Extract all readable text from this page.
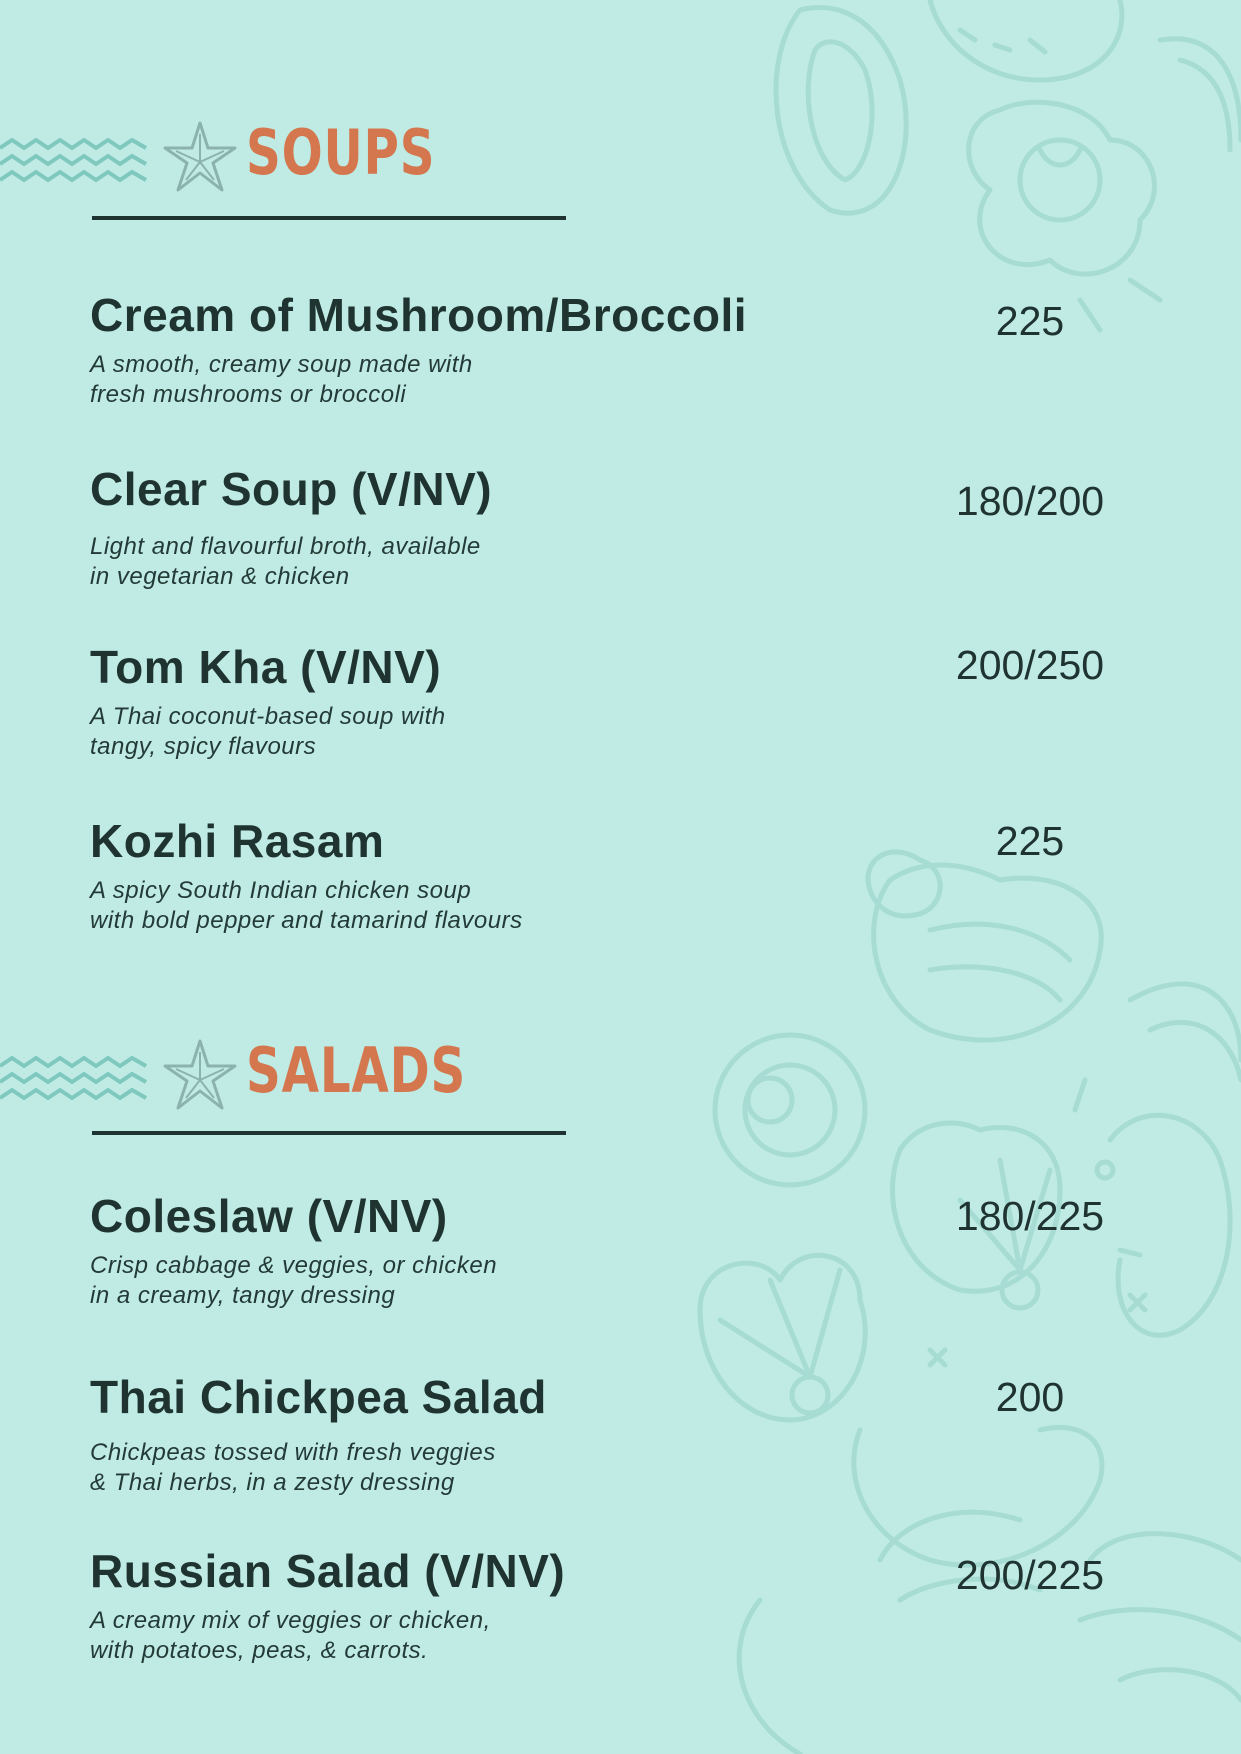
SOUPS
Cream of Mushroom/Broccoli
A smooth, creamy soup made with
fresh mushrooms or broccoli
225
Clear Soup (V/NV)
Light and flavourful broth, available
in vegetarian & chicken
180/200
Tom Kha (V/NV)
A Thai coconut-based soup with
tangy, spicy flavours
200/250
Kozhi Rasam
A spicy South Indian chicken soup
with bold pepper and tamarind flavours
225
SALADS
Coleslaw (V/NV)
Crisp cabbage & veggies, or chicken
in a creamy, tangy dressing
180/225
Thai Chickpea Salad
Chickpeas tossed with fresh veggies
& Thai herbs, in a zesty dressing
200
Russian Salad (V/NV)
A creamy mix of veggies or chicken,
with potatoes, peas, & carrots.
200/225
